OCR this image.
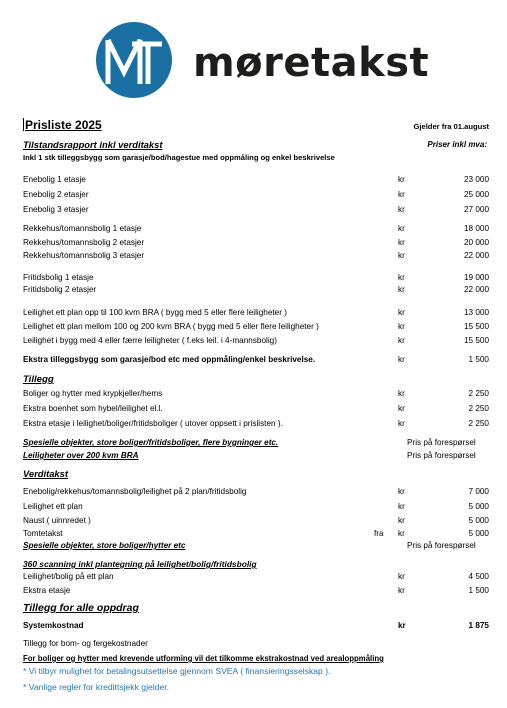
møretakst
Prisliste 2025	Gjelder fra 01.august
Tilstandsrapport inkl verditakst	Priser inkl mva:
Inkl 1 stk tilleggsbygg som garasje/bod/hagestue med oppmåling og enkel beskrivelse
Enebolig 1 etasje	kr	23 000
Enebolig 2 etasjer	kr	25 000
Enebolig 3 etasjer	kr	27 000
Rekkehus/tomannsbolig 1 etasje	kr	18 000
Rekkehus/tomannsbolig 2 etasjer	kr	20 000
Rekkehus/tomannsbolig 3 etasjer	kr	22 000
Fritidsbolig 1 etasje	kr	19 000
Fritidsbolig 2 etasjer	kr	22 000
Leilighet ett plan opp til 100 kvm BRA ( bygg med 5 eller flere leiligheter )	kr	13 000
Leilighet ett plan mellom 100 og 200 kvm BRA ( bygg med 5 eller flere leiligheter )	kr	15 500
Leilighet i bygg med 4 eller færre leiligheter ( f.eks leil. i 4-mannsbolig)	kr	15 500
Ekstra tilleggsbygg som garasje/bod etc med oppmåling/enkel beskrivelse.	kr	1 500
Tillegg
Boliger og hytter med krypkjeller/hems	kr	2 250
Ekstra boenhet som hybel/leilighet el.l.	kr	2 250
Ekstra etasje i leilighet/boliger/fritidsboliger ( utover oppsett i prislisten ).	kr	2 250
Spesielle objekter, store boliger/fritidsboliger, flere bygninger etc.	Pris på forespørsel
Leiligheter over 200 kvm BRA	Pris på forespørsel
Verditakst
Enebolig/rekkehus/tomannsbolig/leilighet på 2 plan/fritidsbolig	kr	7 000
Leilighet ett plan	kr	5 000
Naust ( uinnredet )	kr	5 000
Tomtetakst	fra kr	5 000
Spesielle objekter, store boliger/hytter etc	Pris på forespørsel
360 scanning inkl plantegning på leilighet/bolig/fritidsbolig
Leilighet/bolig på ett plan	kr	4 500
Ekstra etasje	kr	1 500
Tillegg for alle oppdrag
Systemkostnad	kr	1 875
Tillegg for bom- og fergekostnader
For boliger og hytter med krevende utforming vil det tilkomme ekstrakostnad ved arealoppmåling
* Vi tilbyr mulighet for betalingsutsettelse gjennom SVEA ( finansieringsselskap ).
* Vanlige regler for kredittsjekk gjelder.
